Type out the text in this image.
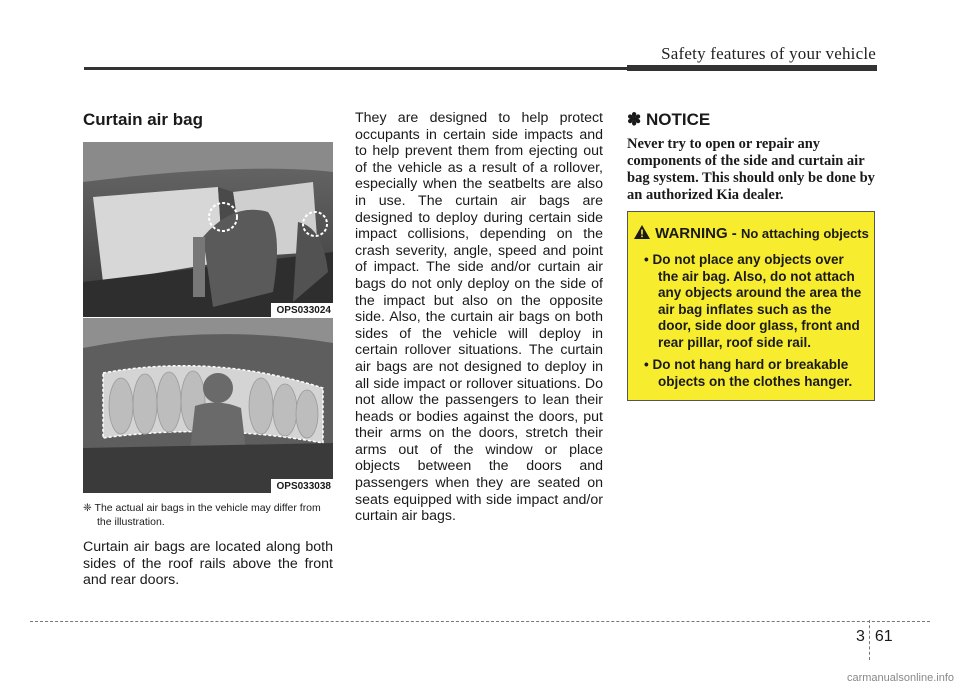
Safety features of your vehicle
Curtain air bag
OPS033024
OPS033038
❈ The actual air bags in the vehicle may differ from the illustration.

Curtain air bags are located along both sides of the roof rails above the front and rear doors.

They are designed to help protect occupants in certain side impacts and to help prevent them from ejecting out of the vehicle as a result of a rollover, especially when the seatbelts are also in use. The curtain air bags are designed to deploy during certain side impact collisions, depending on the crash severity, angle, speed and point of impact. The side and/or curtain air bags do not only deploy on the side of the impact but also on the opposite side. Also, the curtain air bags on both sides of the vehicle will deploy in certain rollover situations. The curtain air bags are not designed to deploy in all side impact or rollover situations. Do not allow the passengers to lean their heads or bodies against the doors, put their arms on the doors, stretch their arms out of the window or place objects between the doors and passengers when they are seated on seats equipped with side impact and/or curtain air bags.

✽ NOTICE

Never try to open or repair any components of the side and curtain air bag system. This should only be done by an authorized Kia dealer.

WARNING - No attaching objects
• Do not place any objects over the air bag. Also, do not attach any objects around the area the air bag inflates such as the door, side door glass, front and rear pillar, roof side rail.
• Do not hang hard or breakable objects on the clothes hanger.
3 61
carmanualsonline.info
